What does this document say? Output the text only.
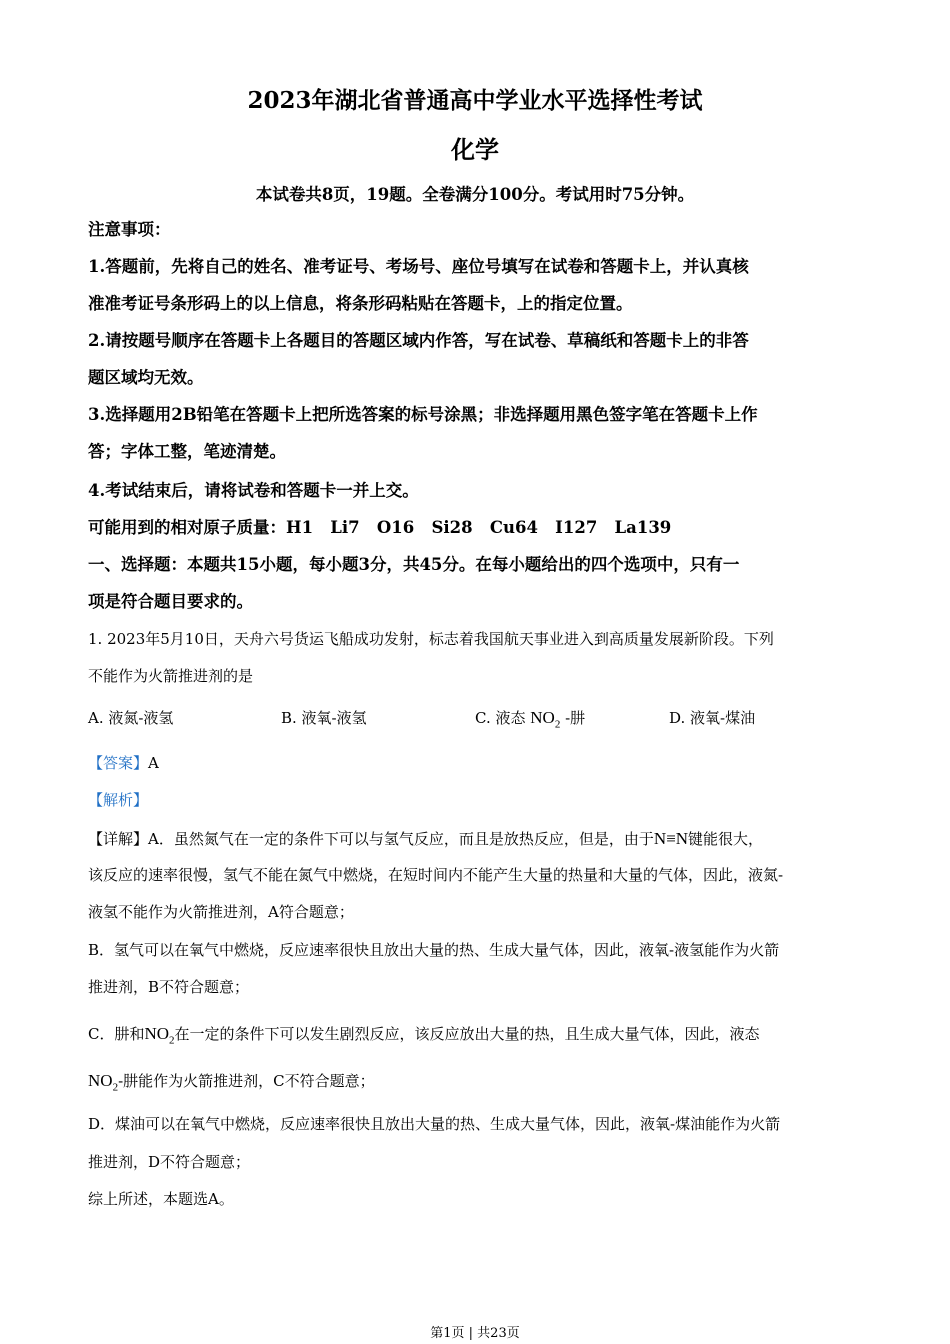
2023年湖北省普通高中学业水平选择性考试
化学
本试卷共8页，19题。全卷满分100分。考试用时75分钟。

注意事项：

1.答题前，先将自己的姓名、准考证号、考场号、座位号填写在试卷和答题卡上，并认真核

准准考证号条形码上的以上信息，将条形码粘贴在答题卡，上的指定位置。

2.请按题号顺序在答题卡上各题目的答题区域内作答，写在试卷、草稿纸和答题卡上的非答

题区域均无效。

3.选择题用2B铅笔在答题卡上把所选答案的标号涂黑；非选择题用黑色签字笔在答题卡上作

答；字体工整，笔迹清楚。

4.考试结束后，请将试卷和答题卡一并上交。

可能用到的相对原子质量：H1   Li7   O16   Si28   Cu64   I127   La139

一、选择题：本题共15小题，每小题3分，共45分。在每小题给出的四个选项中，只有一

项是符合题目要求的。

1. 2023年5月10日，天舟六号货运飞船成功发射，标志着我国航天事业进入到高质量发展新阶段。下列

不能作为火箭推进剂的是

A. 液氮-液氢	B. 液氧-液氢	C. 液态 $NO_2$ -肼	D. 液氧-煤油

【答案】A

【解析】

【详解】A．虽然氮气在一定的条件下可以与氢气反应，而且是放热反应，但是，由于N≡N键能很大，

该反应的速率很慢，氢气不能在氮气中燃烧，在短时间内不能产生大量的热量和大量的气体，因此，液氮-

液氢不能作为火箭推进剂，A符合题意；

B．氢气可以在氧气中燃烧，反应速率很快且放出大量的热、生成大量气体，因此，液氧-液氢能作为火箭

推进剂，B不符合题意；

C．肼和$NO_2$在一定的条件下可以发生剧烈反应，该反应放出大量的热，且生成大量气体，因此，液态

$NO_2-$肼能作为火箭推进剂，C不符合题意；

D．煤油可以在氧气中燃烧，反应速率很快且放出大量的热、生成大量气体，因此，液氧-煤油能作为火箭

推进剂，D不符合题意；

综上所述，本题选A。

第1页 | 共23页
